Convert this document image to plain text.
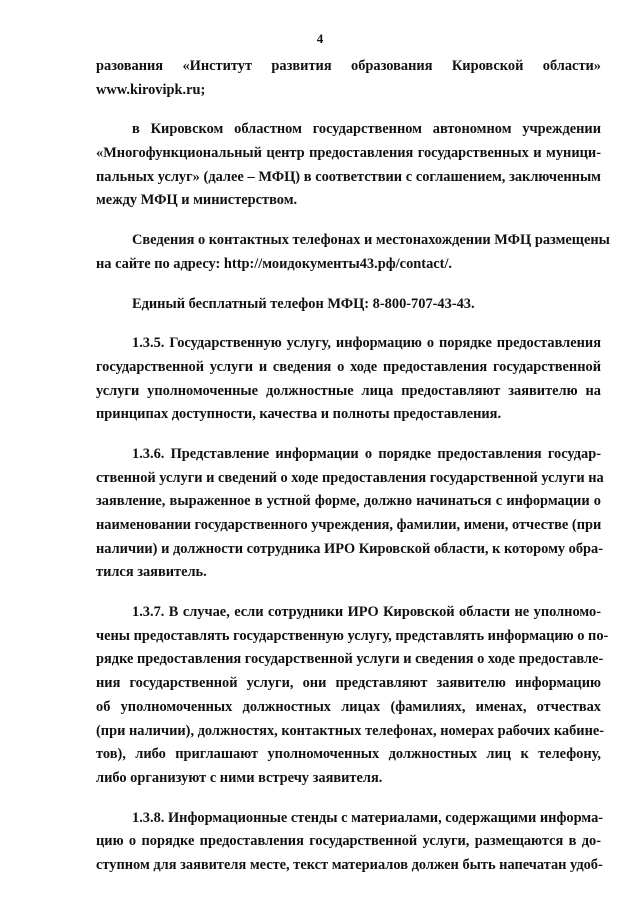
4
разования «Институт развития образования Кировской области»
www.kirovipk.ru;
в Кировском областном государственном автономном учреждении
«Многофункциональный центр предоставления государственных и муници-
пальных услуг» (далее – МФЦ) в соответствии с соглашением, заключенным
между МФЦ и министерством.
Сведения о контактных телефонах и местонахождении МФЦ размещены
на сайте по адресу: http://моидокументы43.рф/contact/.
Единый бесплатный телефон МФЦ: 8-800-707-43-43.
1.3.5. Государственную услугу, информацию о порядке предоставления
государственной услуги и сведения о ходе предоставления государственной
услуги уполномоченные должностные лица предоставляют заявителю на
принципах доступности, качества и полноты предоставления.
1.3.6. Представление информации о порядке предоставления государ-
ственной услуги и сведений о ходе предоставления государственной услуги на
заявление, выраженное в устной форме, должно начинаться с информации о
наименовании государственного учреждения, фамилии, имени, отчестве (при
наличии) и должности сотрудника ИРО Кировской области, к которому обра-
тился заявитель.
1.3.7. В случае, если сотрудники ИРО Кировской области не уполномо-
чены предоставлять государственную услугу, представлять информацию о по-
рядке предоставления государственной услуги и сведения о ходе предоставле-
ния государственной услуги, они представляют заявителю информацию
об уполномоченных должностных лицах (фамилиях, именах, отчествах
(при наличии), должностях, контактных телефонах, номерах рабочих кабине-
тов), либо приглашают уполномоченных должностных лиц к телефону,
либо организуют с ними встречу заявителя.
1.3.8. Информационные стенды с материалами, содержащими информа-
цию о порядке предоставления государственной услуги, размещаются в до-
ступном для заявителя месте, текст материалов должен быть напечатан удоб-
